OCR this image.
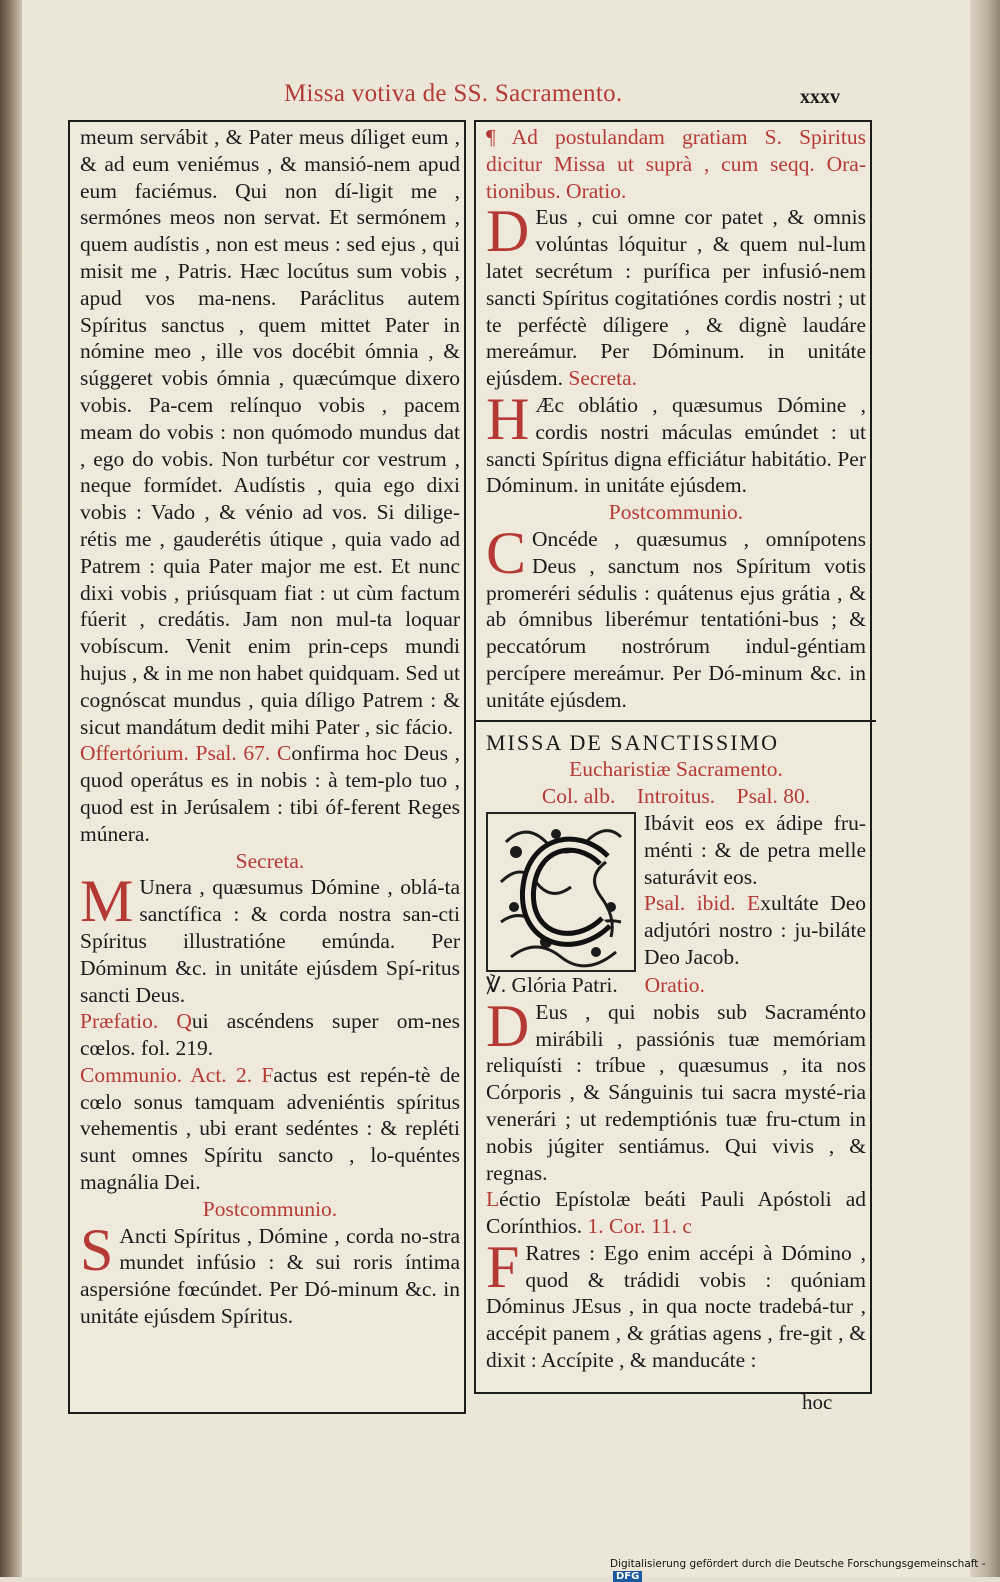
Missa votiva de SS. Sacramento.	xxxv

meum servábit , & Pater meus díliget eum , & ad eum veniémus , & mansió-nem apud eum faciémus. Qui non dí-ligit me , sermónes meos non servat. Et sermónem , quem audístis , non est meus : sed ejus , qui misit me , Patris. Hæc locútus sum vobis , apud vos ma-nens. Paráclitus autem Spíritus sanctus , quem mittet Pater in nómine meo , ille vos docébit ómnia , & súggeret vobis ómnia , quæcúmque dixero vobis. Pa-cem relínquo vobis , pacem meam do vobis : non quómodo mundus dat , ego do vobis. Non turbétur cor vestrum , neque formídet. Audístis , quia ego dixi vobis : Vado , & vénio ad vos. Si dilige-rétis me , gauderétis útique , quia vado ad Patrem : quia Pater major me est. Et nunc dixi vobis , priúsquam fiat : ut cùm factum fúerit , credátis. Jam non mul-ta loquar vobíscum. Venit enim prin-ceps mundi hujus , & in me non habet quidquam. Sed ut cognóscat mundus , quia díligo Patrem : & sicut mandátum dedit mihi Pater , sic fácio.

Offertórium. Psal. 67. Confirma hoc Deus , quod operátus es in nobis : à tem-plo tuo , quod est in Jerúsalem : tibi óf-ferent Reges múnera.

Secreta.

M Unera , quæsumus Dómine , oblá-ta sanctífica : & corda nostra san-cti Spíritus illustratióne emúnda. Per Dóminum &c. in unitáte ejúsdem Spí-ritus sancti Deus.

Præfatio. Qui ascéndens super om-nes cœlos. fol. 219.

Communio. Act. 2. Factus est repén-tè de cœlo sonus tamquam adveniéntis spíritus vehementis , ubi erant sedéntes : & repléti sunt omnes Spíritu sancto , lo-quéntes magnália Dei.

Postcommunio.

S Ancti Spíritus , Dómine , corda no-stra mundet infúsio : & sui roris íntima aspersióne fœcúndet. Per Dó-minum &c. in unitáte ejúsdem Spíritus.

¶ Ad postulandam gratiam S. Spiritus dicitur Missa ut suprà , cum seqq. Ora-tionibus. Oratio.

D Eus , cui omne cor patet , & omnis volúntas lóquitur , & quem nul-lum latet secrétum : purífica per infusió-nem sancti Spíritus cogitatiónes cordis nostri ; ut te perféctè díligere , & dignè laudáre mereámur. Per Dóminum. in unitáte ejúsdem. Secreta.

H Æc oblátio , quæsumus Dómine , cordis nostri máculas emúndet : ut sancti Spíritus digna efficiátur habitátio. Per Dóminum. in unitáte ejúsdem.

Postcommunio.

C Oncéde , quæsumus , omnípotens Deus , sanctum nos Spíritum votis promeréri sédulis : quátenus ejus grátia , & ab ómnibus liberémur tentatióni-bus ; & peccatórum nostrórum indul-géntiam percípere mereámur. Per Dó-minum &c. in unitáte ejúsdem.

MISSA DE SANCTISSIMO

Eucharistiæ Sacramento.

Col. alb. Introitus. Psal. 80.

Ibávit eos ex ádipe fru-ménti : & de petra melle saturávit eos.

Psal. ibid. Exultáte Deo adjutóri nostro : ju-biláte Deo Jacob.

℣. Glória Patri. Oratio.

D Eus , qui nobis sub Sacraménto mirábili , passiónis tuæ memóriam reliquísti : tríbue , quæsumus , ita nos Córporis , & Sánguinis tui sacra mysté-ria venerári ; ut redemptiónis tuæ fru-ctum in nobis júgiter sentiámus. Qui vivis , & regnas.

Léctio Epístolæ beáti Pauli Apóstoli ad Corínthios. 1. Cor. 11. c

F Ratres : Ego enim accépi à Dómino , quod & trádidi vobis : quóniam Dóminus JEsus , in qua nocte tradebá-tur , accépit panem , & grátias agens , fre-git , & dixit : Accípite , & manducáte :

hoc
Digitalisierung gefördert durch die Deutsche Forschungsgemeinschaft -DFG
